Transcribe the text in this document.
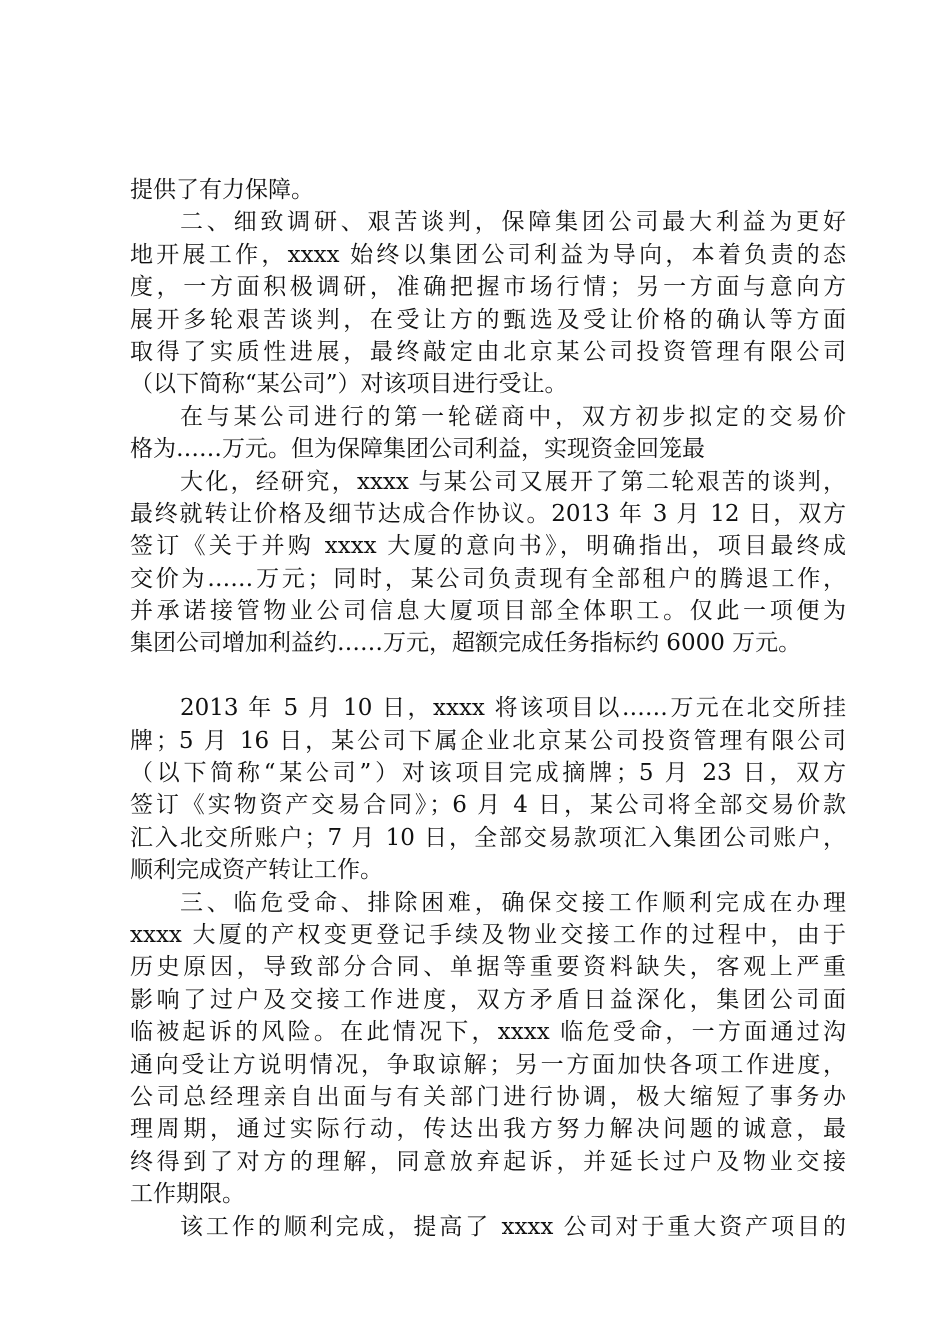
提供了有力保障。
二、细致调研、艰苦谈判，保障集团公司最大利益为更好
地开展工作，xxxx 始终以集团公司利益为导向，本着负责的态
度，一方面积极调研，准确把握市场行情；另一方面与意向方
展开多轮艰苦谈判，在受让方的甄选及受让价格的确认等方面
取得了实质性进展，最终敲定由北京某公司投资管理有限公司
（以下简称“某公司”）对该项目进行受让。
在与某公司进行的第一轮磋商中，双方初步拟定的交易价
格为……万元。但为保障集团公司利益，实现资金回笼最
大化，经研究，xxxx 与某公司又展开了第二轮艰苦的谈判，
最终就转让价格及细节达成合作协议。2013 年 3 月 12 日，双方
签订《关于并购 xxxx 大厦的意向书》，明确指出，项目最终成
交价为……万元；同时，某公司负责现有全部租户的腾退工作，
并承诺接管物业公司信息大厦项目部全体职工。仅此一项便为
集团公司增加利益约……万元，超额完成任务指标约 6000 万元。
2013 年 5 月 10 日，xxxx 将该项目以……万元在北交所挂
牌；5 月 16 日，某公司下属企业北京某公司投资管理有限公司
（以下简称“某公司”）对该项目完成摘牌；5 月 23 日，双方
签订《实物资产交易合同》；6 月 4 日，某公司将全部交易价款
汇入北交所账户；7 月 10 日，全部交易款项汇入集团公司账户，
顺利完成资产转让工作。
三、临危受命、排除困难，确保交接工作顺利完成在办理
xxxx 大厦的产权变更登记手续及物业交接工作的过程中，由于
历史原因，导致部分合同、单据等重要资料缺失，客观上严重
影响了过户及交接工作进度，双方矛盾日益深化，集团公司面
临被起诉的风险。在此情况下，xxxx 临危受命，一方面通过沟
通向受让方说明情况，争取谅解；另一方面加快各项工作进度，
公司总经理亲自出面与有关部门进行协调，极大缩短了事务办
理周期，通过实际行动，传达出我方努力解决问题的诚意，最
终得到了对方的理解，同意放弃起诉，并延长过户及物业交接
工作期限。
该工作的顺利完成，提高了 xxxx 公司对于重大资产项目的
